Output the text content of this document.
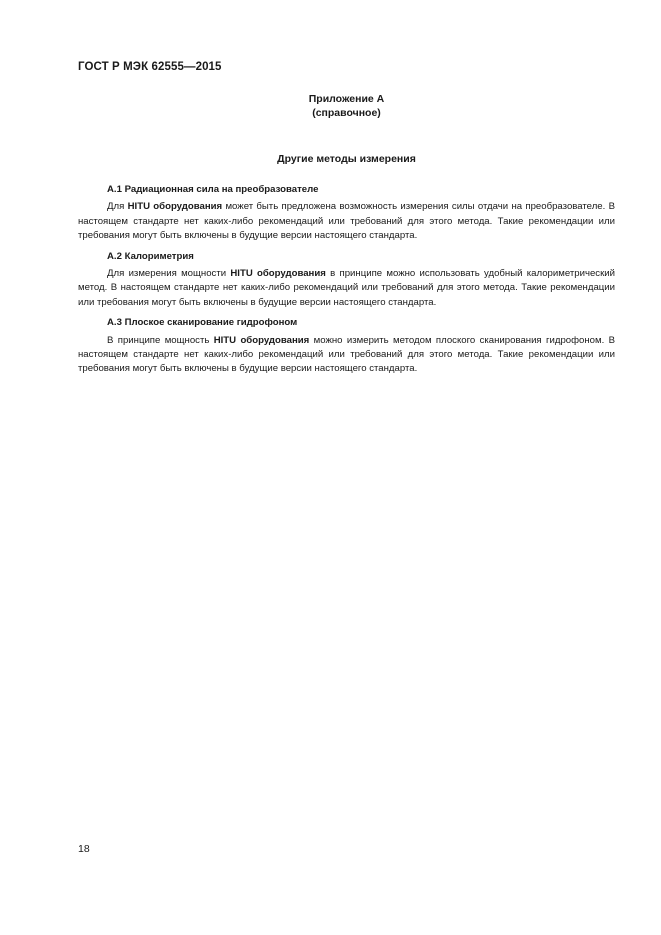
ГОСТ Р МЭК 62555—2015
Приложение А
(справочное)
Другие методы измерения
А.1 Радиационная сила на преобразователе

Для HITU оборудования может быть предложена возможность измерения силы отдачи на преобразователе. В настоящем стандарте нет каких-либо рекомендаций или требований для этого метода. Такие рекомендации или требования могут быть включены в будущие версии настоящего стандарта.

А.2 Калориметрия

Для измерения мощности HITU оборудования в принципе можно использовать удобный калориметрический метод. В настоящем стандарте нет каких-либо рекомендаций или требований для этого метода. Такие рекомендации или требования могут быть включены в будущие версии настоящего стандарта.

А.3 Плоское сканирование гидрофоном

В принципе мощность HITU оборудования можно измерить методом плоского сканирования гидрофоном. В настоящем стандарте нет каких-либо рекомендаций или требований для этого метода. Такие рекомендации или требования могут быть включены в будущие версии настоящего стандарта.

18
